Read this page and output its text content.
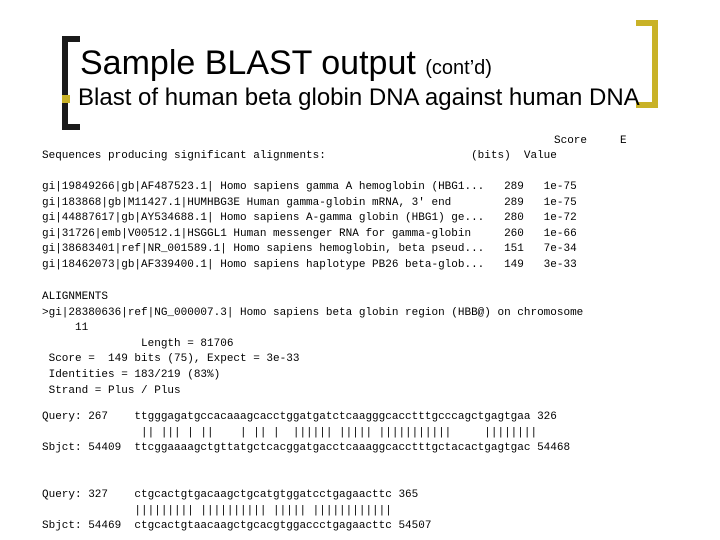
Sample BLAST output (cont’d)
Blast of human beta globin DNA against human DNA
Score     E
Sequences producing significant alignments:                      (bits)  Value
gi|19849266|gb|AF487523.1| Homo sapiens gamma A hemoglobin (HBG1...   289   1e-75
gi|183868|gb|M11427.1|HUMHBG3E Human gamma-globin mRNA, 3' end        289   1e-75
gi|44887617|gb|AY534688.1| Homo sapiens A-gamma globin (HBG1) ge...   280   1e-72
gi|31726|emb|V00512.1|HSGGL1 Human messenger RNA for gamma-globin     260   1e-66
gi|38683401|ref|NR_001589.1| Homo sapiens hemoglobin, beta pseud...   151   7e-34
gi|18462073|gb|AF339400.1| Homo sapiens haplotype PB26 beta-glob...   149   3e-33
ALIGNMENTS
>gi|28380636|ref|NG_000007.3| Homo sapiens beta globin region (HBB@) on chromosome
11
Length = 81706
Score =  149 bits (75), Expect = 3e-33
Identities = 183/219 (83%)
Strand = Plus / Plus
Query: 267    ttgggagatgccacaaagcacctggatgatctcaagggcacctttgcccagctgagtgaa 326
|| ||| | ||    | || |  |||||| ||||| |||||||||||     ||||||||
Sbjct: 54409  ttcggaaaagctgttatgctcacggatgacctcaaaggcacctttgctacactgagtgac 54468
Query: 327    ctgcactgtgacaagctgcatgtggatcctgagaacttc 365
||||||||| |||||||||| ||||| ||||||||||||
Sbjct: 54469  ctgcactgtaacaagctgcacgtggaccctgagaacttc 54507
